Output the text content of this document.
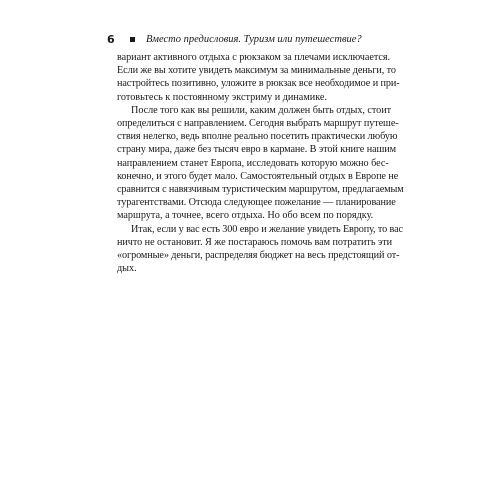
6	Вместо предисловия. Туризм или путешествие?

вариант активного отдыха с рюкзаком за плечами исключается.
Если же вы хотите увидеть максимум за минимальные деньги, то
настройтесь позитивно, уложите в рюкзак все необходимое и при-
готовьтесь к постоянному экстриму и динамике.

После того как вы решили, каким должен быть отдых, стоит
определиться с направлением. Сегодня выбрать маршрут путеше-
ствия нелегко, ведь вполне реально посетить практически любую
страну мира, даже без тысяч евро в кармане. В этой книге нашим
направлением станет Европа, исследовать которую можно бес-
конечно, и этого будет мало. Самостоятельный отдых в Европе не
сравнится с навязчивым туристическим маршрутом, предлагаемым
турагентствами. Отсюда следующее пожелание — планирование
маршрута, а точнее, всего отдыха. Но обо всем по порядку.

Итак, если у вас есть 300 евро и желание увидеть Европу, то вас
ничто не остановит. Я же постараюсь помочь вам потратить эти
«огромные» деньги, распределяя бюджет на весь предстоящий от-
дых.
